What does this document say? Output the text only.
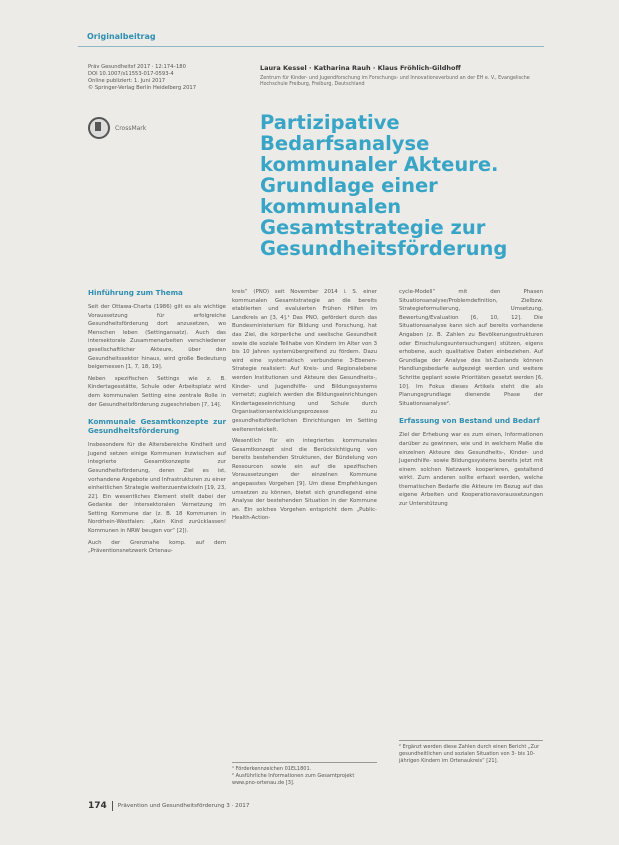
Originalbeitrag
Präv Gesundheitsf 2017 · 12:174–180
DOI 10.1007/s11553-017-0593-4
Online publiziert: 1. Juni 2017
© Springer-Verlag Berlin Heidelberg 2017
Laura Kessel · Katharina Rauh · Klaus Fröhlich-Gildhoff
Zentrum für Kinder- und Jugendforschung im Forschungs- und Innovationsverbund an der EH e. V., Evangelische Hochschule Freiburg, Freiburg, Deutschland
CrossMark	Partizipative Bedarfsanalyse kommunaler Akteure. Grundlage einer kommunalen Gesamtstrategie zur Gesundheitsförderung
Hinführung zum Thema
Seit der Ottawa-Charta (1986) gilt es als wichtige Voraussetzung für erfolgreiche Gesundheitsförderung dort anzusetzen, wo Menschen leben (Settingansatz). Auch das intersektorale Zusammenarbeiten verschiedener gesellschaftlicher Akteure, über den Gesundheitssektor hinaus, wird große Bedeutung beigemessen [1, 7, 18, 19].
Neben spezifischen Settings wie z. B. Kindertagesstätte, Schule oder Arbeitsplatz wird dem kommunalen Setting eine zentrale Rolle in der Gesundheitsförderung zugeschrieben [7, 14].
Kommunale Gesamtkonzepte zur Gesundheitsförderung
Insbesondere für die Altersbereiche Kindheit und Jugend setzen einige Kommunen inzwischen auf integrierte Gesamtkonzepte zur Gesundheitsförderung, deren Ziel es ist, vorhandene Angebote und Infrastrukturen zu einer einheitlichen Strategie weiterzuentwickeln [19, 23, 22]. Ein wesentliches Element stellt dabei der Gedanke der intersektoralen Vernetzung im Setting Kommune dar (z. B. 18 Kommunen in Nordrhein-Westfalen: „Kein Kind zurücklassen! Kommunen in NRW beugen vor“ [2]).
Auch der Grenznahe komp. auf dem „Präventionsnetzwerk Ortenau-
kreis“ (PNO) seit November 2014 i. S. einer kommunalen Gesamtstrategie an die bereits etablierten und evaluierten Frühen Hilfen im Landkreis an [3, 4].¹ Das PNO, gefördert durch das Bundesministerium für Bildung und Forschung, hat das Ziel, die körperliche und seelische Gesundheit sowie die soziale Teilhabe von Kindern im Alter von 3 bis 10 Jahren systemübergreifend zu fördern. Dazu wird eine systematisch verbundene 3-Ebenen-Strategie realisiert: Auf Kreis- und Regionalebene werden Institutionen und Akteure des Gesundheits-, Kinder- und Jugendhilfe- und Bildungssystems vernetzt; zugleich werden die Bildungseinrichtungen Kindertageseinrichtung und Schule durch Organisationsentwicklungsprozesse zu gesundheitsförderlichen Einrichtungen im Setting weiterentwickelt.
Wesentlich für ein integriertes kommunales Gesamtkonzept sind die Berücksichtigung von bereits bestehenden Strukturen, der Bündelung von Ressourcen sowie ein auf die spezifischen Voraussetzungen der einzelnen Kommune angepasstes Vorgehen [9]. Um diese Empfehlungen umsetzen zu können, bietet sich grundlegend eine Analyse der bestehenden Situation in der Kommune an. Ein solches Vorgehen entspricht dem „Public-Health-Action-
¹ Förderkennzeichen 01EL1801.
² Ausführliche Informationen zum Gesamtprojekt www.pno-ortenau.de [3].
cycle-Modell“ mit den Phasen Situationsanalyse/Problemdefinition, Zielbzw. Strategieformulierung, Umsetzung, Bewertung/Evaluation [6, 10, 12]. Die Situationsanalyse kann sich auf bereits vorhandene Angaben (z. B. Zahlen zu Bevölkerungsstrukturen oder Einschulungsuntersuchungen) stützen, eigens erhobene, auch qualitative Daten einbeziehen. Auf Grundlage der Analyse des Ist-Zustands können Handlungsbedarfe aufgezeigt werden und weitere Schritte geplant sowie Prioritäten gesetzt werden [6, 10]. Im Fokus dieses Artikels steht die als Planungsgrundlage dienende Phase der Situationsanalyse².
Erfassung von Bestand und Bedarf
Ziel der Erhebung war es zum einen, Informationen darüber zu gewinnen, wie und in welchem Maße die einzelnen Akteure des Gesundheits-, Kinder- und Jugendhilfe- sowie Bildungssystems bereits jetzt mit einem solchen Netzwerk kooperieren, gestaltend wirkt. Zum anderen sollte erfasst werden, welche thematischen Bedarfe die Akteure im Bezug auf das eigene Arbeiten und Kooperationsvoraussetzungen zur Unterstützung
² Ergänzt werden diese Zahlen durch einen Bericht „Zur gesundheitlichen und sozialen Situation von 3- bis 10-jährigen Kindern im Ortenaukreis“ [21].
174 Prävention und Gesundheitsförderung 3 · 2017
